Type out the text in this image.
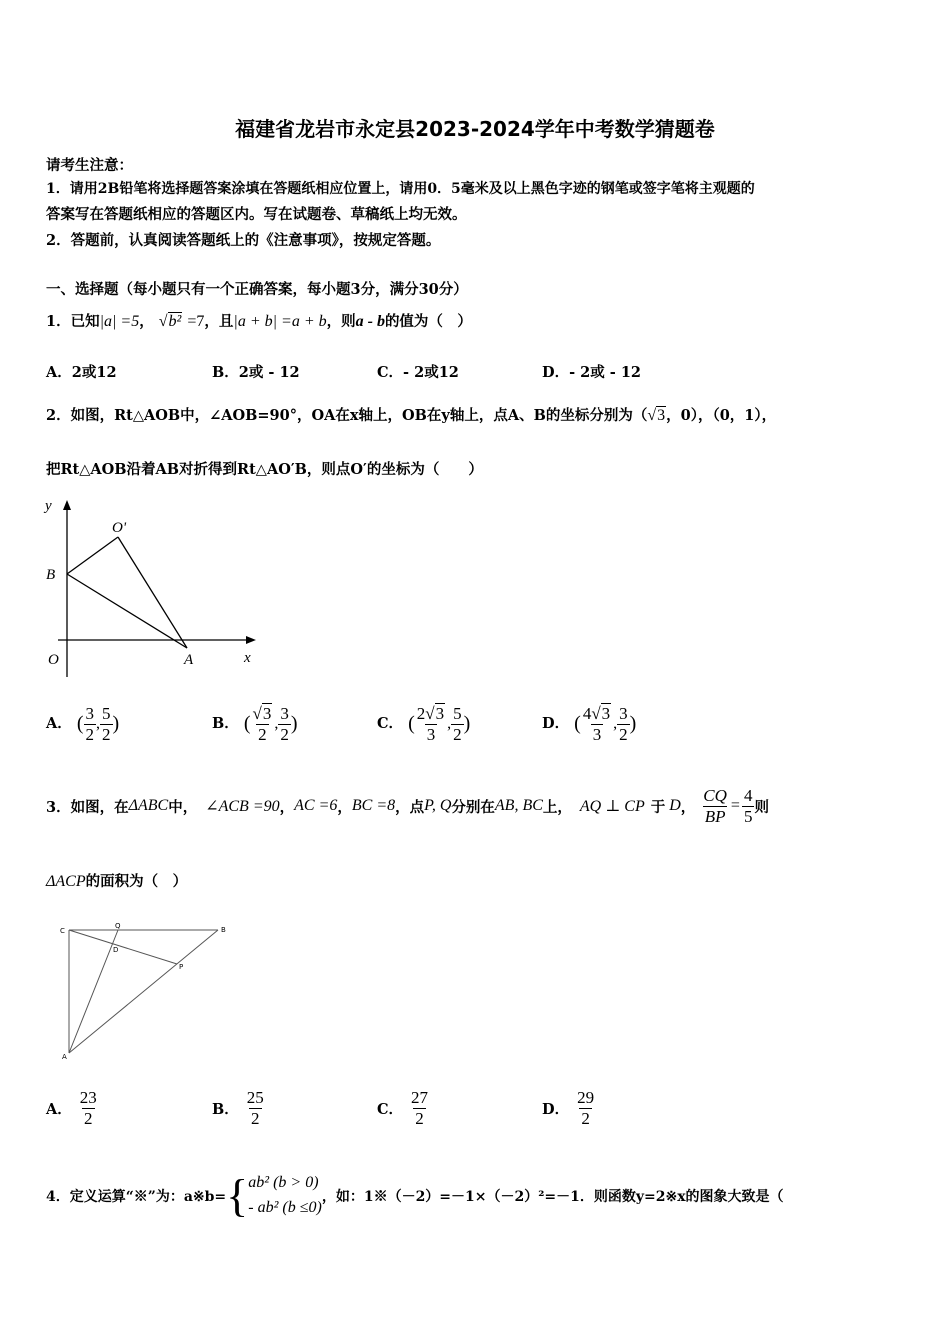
福建省龙岩市永定县2023-2024学年中考数学猜题卷
请考生注意：
1．请用2B铅笔将选择题答案涂填在答题纸相应位置上，请用0．5毫米及以上黑色字迹的钢笔或签字笔将主观题的
答案写在答题纸相应的答题区内。写在试题卷、草稿纸上均无效。
2．答题前，认真阅读答题纸上的《注意事项》，按规定答题。
一、选择题（每小题只有一个正确答案，每小题3分，满分30分）
1．已知|a| =5， √b² =7，且|a + b| =a + b，则a - b的值为（　）
A．2或12	B．2或 - 12	C．- 2或12	D．- 2或 - 12
2．如图，Rt△AOB中，∠AOB=90°，OA在x轴上，OB在y轴上，点A、B的坐标分别为（√3，0），（0，1），
把Rt△AOB沿着AB对折得到Rt△AO′B，则点O′的坐标为（　　）
y
x
O'
B
O	A
A． ( $\frac{3}{2}$ , $\frac{5}{2}$ )	B． ( $\frac{√3}{2}$ , $\frac{3}{2}$ )	C． ( $\frac{2√3}{3}$ , $\frac{5}{2}$ )	D． ( $\frac{4√3}{3}$ , $\frac{3}{2}$ )
3．如图，在 ΔABC 中， ∠ACB =90 ， AC =6 ， BC =8 ，点 P, Q 分别在 AB, BC 上， AQ ⊥ CP 于 D ， $\frac{CQ}{BP} = \frac{4}{5}$ 则
ΔACP的面积为（　）
C
Q	B
D
P
A
A． $\frac{23}{2}$	B． $\frac{25}{2}$	C． $\frac{27}{2}$	D． $\frac{29}{2}$
4．定义运算“※”为：a※b= { ab² (b > 0)
- ab² (b ≤0)
，如：1※（－2）=－1×（－2）²=－1．则函数y=2※x的图象大致是（
